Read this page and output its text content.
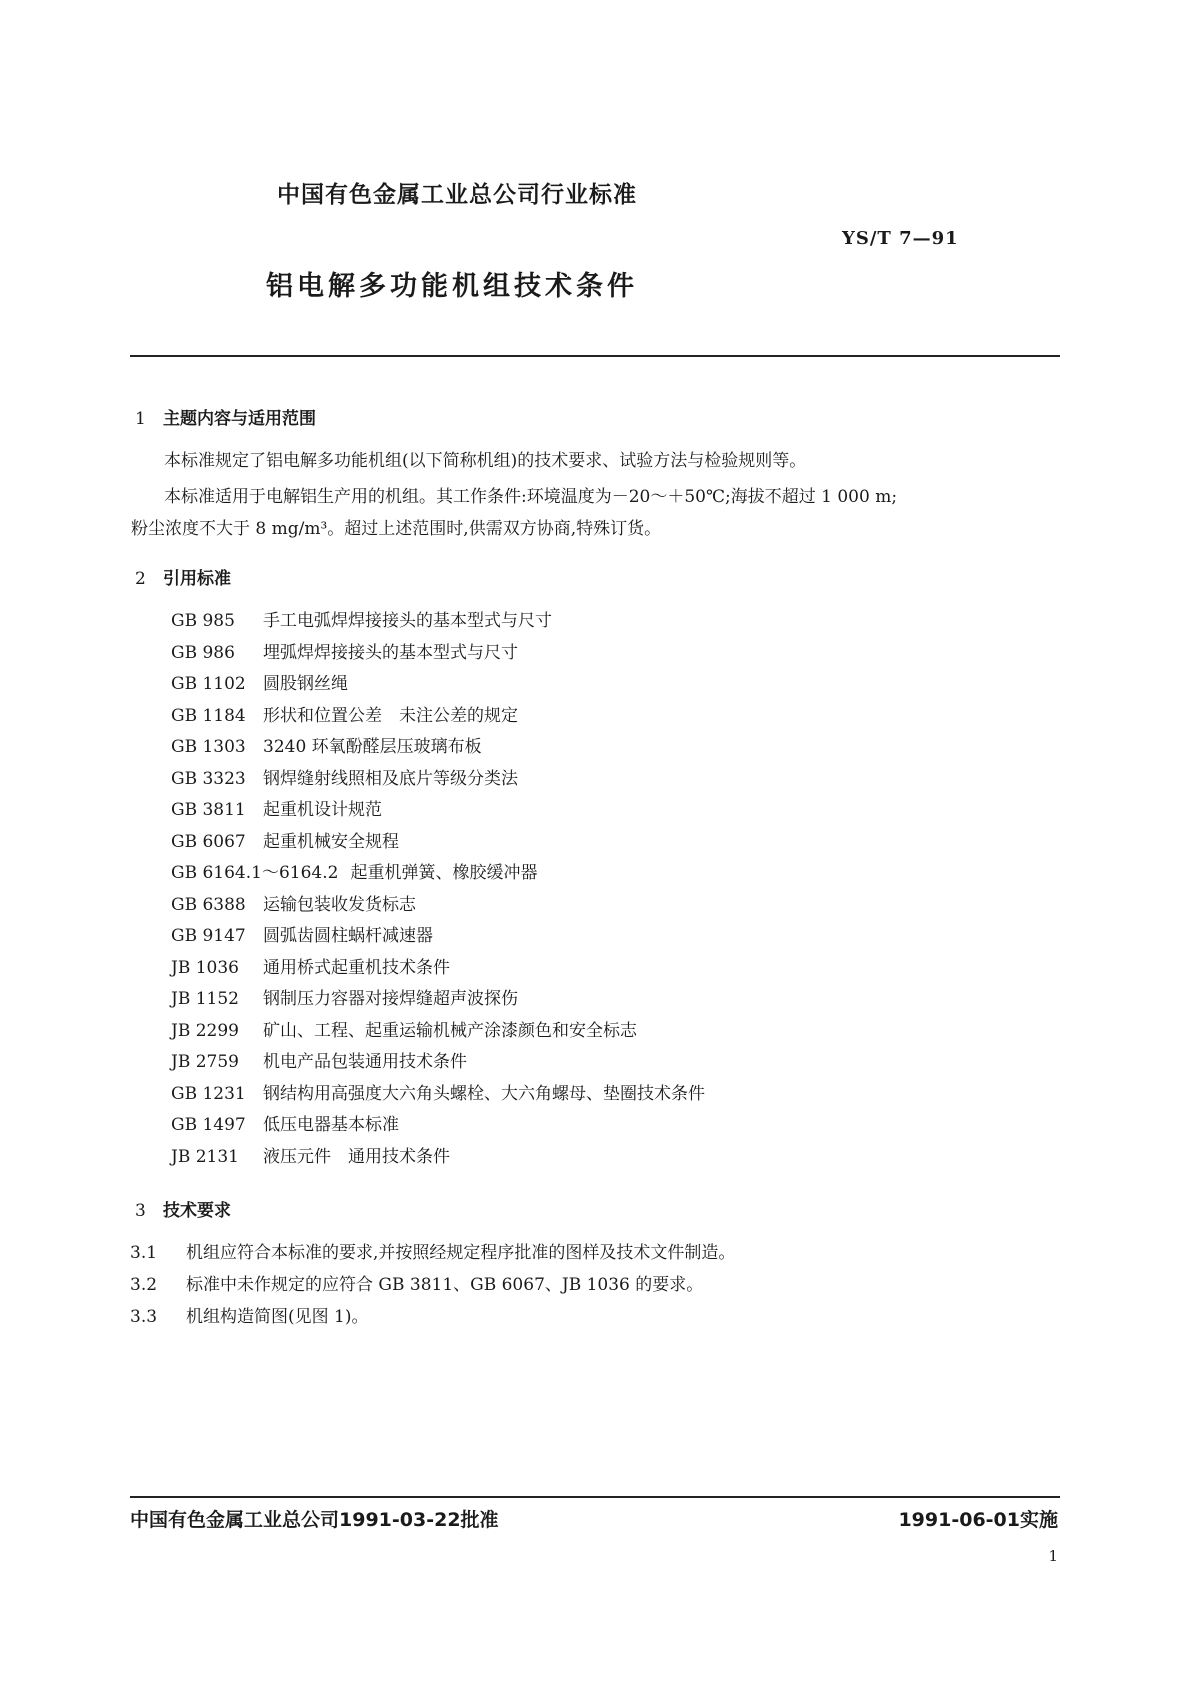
中国有色金属工业总公司行业标准
YS/T 7—91
铝电解多功能机组技术条件
1 主题内容与适用范围
本标准规定了铝电解多功能机组(以下简称机组)的技术要求、试验方法与检验规则等。
本标准适用于电解铝生产用的机组。其工作条件:环境温度为－20～＋50℃;海拔不超过 1 000 m;
粉尘浓度不大于 8 mg/m³。超过上述范围时,供需双方协商,特殊订货。
2 引用标准
GB 985 手工电弧焊焊接接头的基本型式与尺寸
GB 986 埋弧焊焊接接头的基本型式与尺寸
GB 1102 圆股钢丝绳
GB 1184 形状和位置公差　未注公差的规定
GB 1303 3240 环氧酚醛层压玻璃布板
GB 3323 钢焊缝射线照相及底片等级分类法
GB 3811 起重机设计规范
GB 6067 起重机械安全规程
GB 6164.1～6164.2 起重机弹簧、橡胶缓冲器
GB 6388 运输包装收发货标志
GB 9147 圆弧齿圆柱蜗杆减速器
JB 1036 通用桥式起重机技术条件
JB 1152 钢制压力容器对接焊缝超声波探伤
JB 2299 矿山、工程、起重运输机械产涂漆颜色和安全标志
JB 2759 机电产品包装通用技术条件
GB 1231 钢结构用高强度大六角头螺栓、大六角螺母、垫圈技术条件
GB 1497 低压电器基本标准
JB 2131 液压元件　通用技术条件
3 技术要求
3.1 机组应符合本标准的要求,并按照经规定程序批准的图样及技术文件制造。
3.2 标准中未作规定的应符合 GB 3811、GB 6067、JB 1036 的要求。
3.3 机组构造简图(见图 1)。
中国有色金属工业总公司1991-03-22批准	1991-06-01实施
1
